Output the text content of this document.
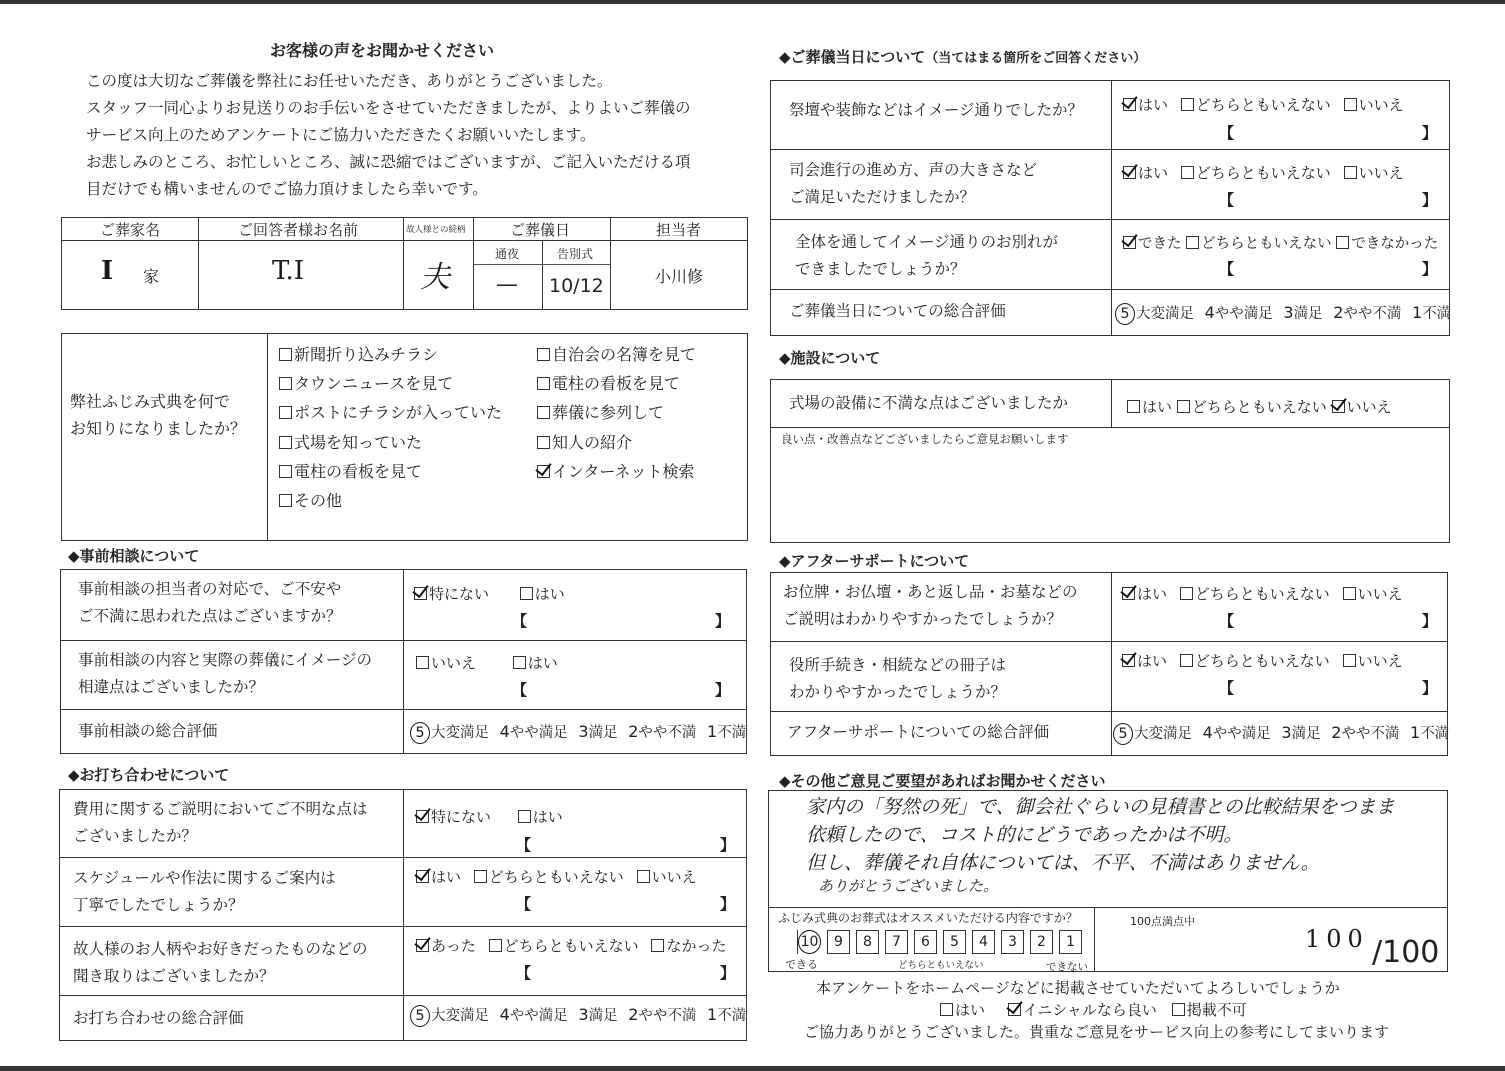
お客様の声をお聞かせください
この度は大切なご葬儀を弊社にお任せいただき、ありがとうございました。
スタッフ一同心よりお見送りのお手伝いをさせていただきましたが、よりよいご葬儀の
サービス向上のためアンケートにご協力いただきたくお願いいたします。
お悲しみのところ、お忙しいところ、誠に恐縮ではございますが、ご記入いただける項
目だけでも構いませんのでご協力頂けましたら幸いです。
ご葬家名	ご回答者様お名前	故人様との続柄	ご葬儀日	担当者
I 家	T.I	夫
通夜	告別式
— 10/12	小川修
弊社ふじみ式典を何で
お知りになりましたか？
新聞折り込みチラシ
タウンニュースを見て
ポストにチラシが入っていた
式場を知っていた
電柱の看板を見て
その他
自治会の名簿を見て
電柱の看板を見て
葬儀に参列して
知人の紹介
インターネット検索
◆事前相談について
事前相談の担当者の対応で、ご不安や
ご不満に思われた点はございますか？
特にない	はい
【	】
事前相談の内容と実際の葬儀にイメージの
相違点はございましたか？
いいえ	はい
【	】
事前相談の総合評価	5 大変満足 4やや満足 3満足 2やや不満 1不満
◆お打ち合わせについて
費用に関するご説明においてご不明な点は
ございましたか？
特にない	はい
【	】
スケジュールや作法に関するご案内は
丁寧でしたでしょうか？
はい どちらともいえない いいえ
【	】
故人様のお人柄やお好きだったものなどの
聞き取りはございましたか？
あった どちらともいえない なかった
【	】
お打ち合わせの総合評価	5 大変満足 4やや満足 3満足 2やや不満 1不満
◆ご葬儀当日について（当てはまる箇所をご回答ください）
祭壇や装飾などはイメージ通りでしたか？	はい どちらともいえない いいえ
【	】
司会進行の進め方、声の大きさなど
ご満足いただけましたか？
はい どちらともいえない いいえ
【	】
全体を通してイメージ通りのお別れが
できましたでしょうか？
できた どちらともいえない できなかった
【	】
ご葬儀当日についての総合評価	5 大変満足 4やや満足 3満足 2やや不満 1不満
◆施設について
式場の設備に不満な点はございましたか	はい どちらともいえない いいえ
良い点・改善点などございましたらご意見お願いします
◆アフターサポートについて
お位牌・お仏壇・あと返し品・お墓などの
ご説明はわかりやすかったでしょうか？
はい どちらともいえない いいえ
【	】
役所手続き・相続などの冊子は
わかりやすかったでしょうか？
はい どちらともいえない いいえ
【	】
アフターサポートについての総合評価	5 大変満足 4やや満足 3満足 2やや不満 1不満
◆その他ご意見ご要望があればお聞かせください
家内の「努然の死」で、御会社ぐらいの見積書との比較結果をつまま
依頼したので、コスト的にどうであったかは不明。
但し、葬儀それ自体については、不平、不満はありません。
ありがとうございました。
ふじみ式典のお葬式はオススメいただける内容ですか？
10 9 8 7 6 5 4 3 2 1
できる	どちらともいえない	できない
100点満点中
100 /100
本アンケートをホームページなどに掲載させていただいてよろしいでしょうか
はい	イニシャルなら良い 掲載不可
ご協力ありがとうございました。貴重なご意見をサービス向上の参考にしてまいります
